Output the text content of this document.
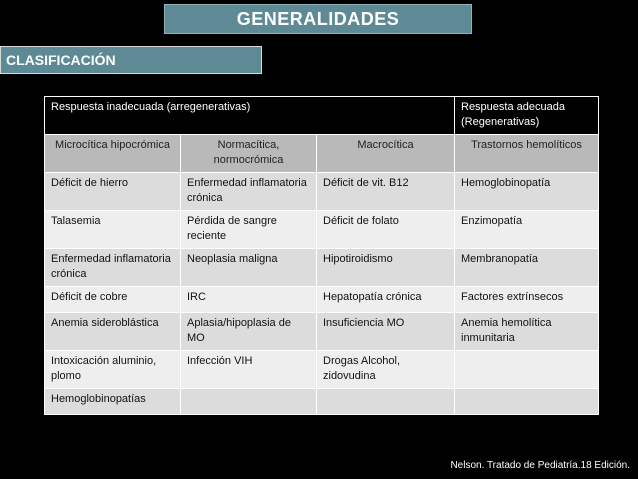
GENERALIDADES
CLASIFICACIÓN
Respuesta inadecuada (arregenerativas)			Respuesta adecuada (Regenerativas)
Microcítica hipocrómica	Normacítica, normocrómica	Macrocítica	Trastornos hemolíticos
Déficit de hierro	Enfermedad inflamatoria crónica	Déficit de vit. B12	Hemoglobinopatía
Talasemia	Pérdida de sangre reciente	Déficit de folato	Enzimopatía
Enfermedad inflamatoria crónica	Neoplasia maligna	Hipotiroidismo	Membranopatía
Déficit de cobre	IRC	Hepatopatía crónica	Factores extrínsecos
Anemia sideroblástica	Aplasia/hipoplasia de MO	Insuficiencia MO	Anemia hemolítica inmunitaria
Intoxicación aluminio, plomo	Infección VIH	Drogas Alcohol, zidovudina	
Hemoglobinopatías			
Nelson. Tratado de Pediatría.18 Edición.
